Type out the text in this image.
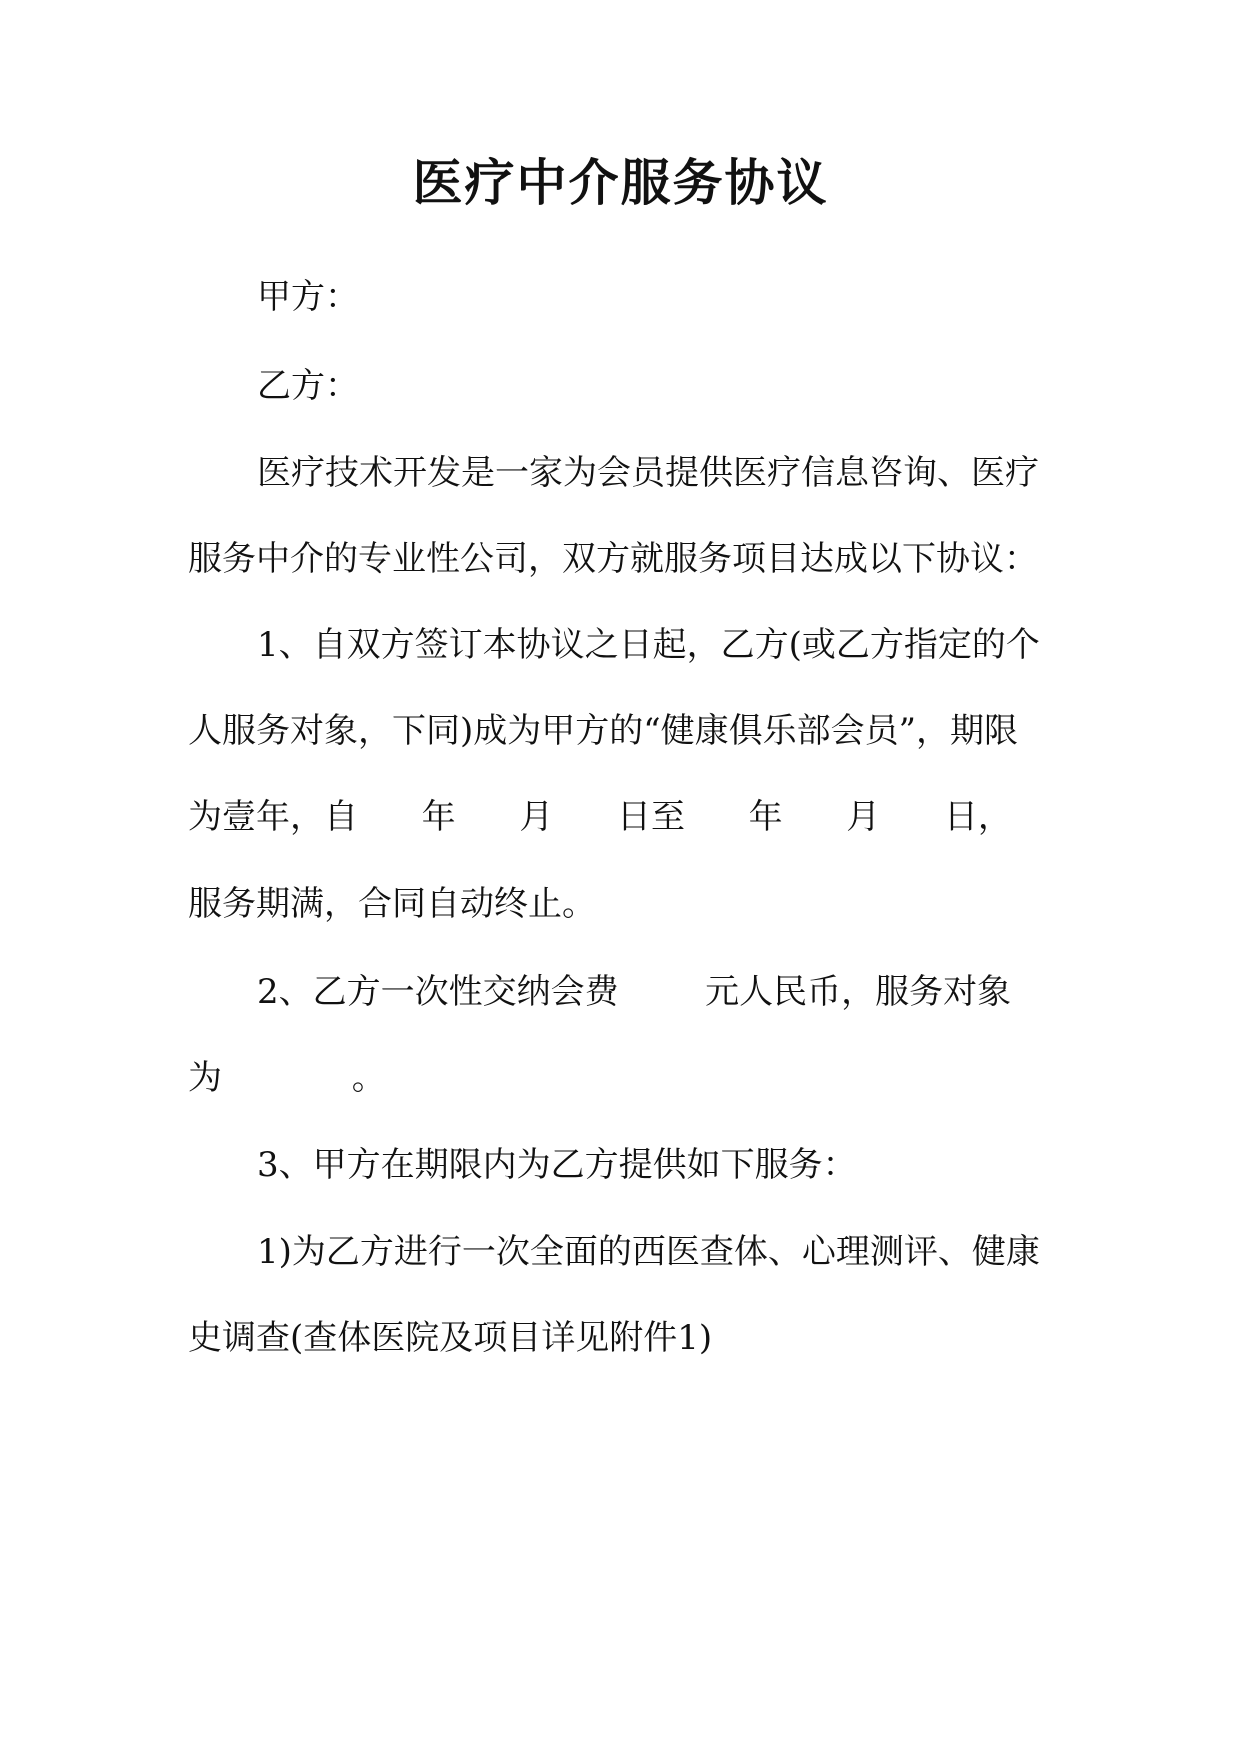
医疗中介服务协议
甲方：
乙方：
医疗技术开发是一家为会员提供医疗信息咨询、医疗
服务中介的专业性公司，双方就服务项目达成以下协议：
1、自双方签订本协议之日起，乙方(或乙方指定的个
人服务对象，下同)成为甲方的“健康俱乐部会员”，期限
为壹年，自 年 月 日至 年 月 日，
服务期满，合同自动终止。
2、乙方一次性交纳会费        元人民币，服务对象
为            。
3、甲方在期限内为乙方提供如下服务：
1)为乙方进行一次全面的西医查体、心理测评、健康
史调查(查体医院及项目详见附件1)
